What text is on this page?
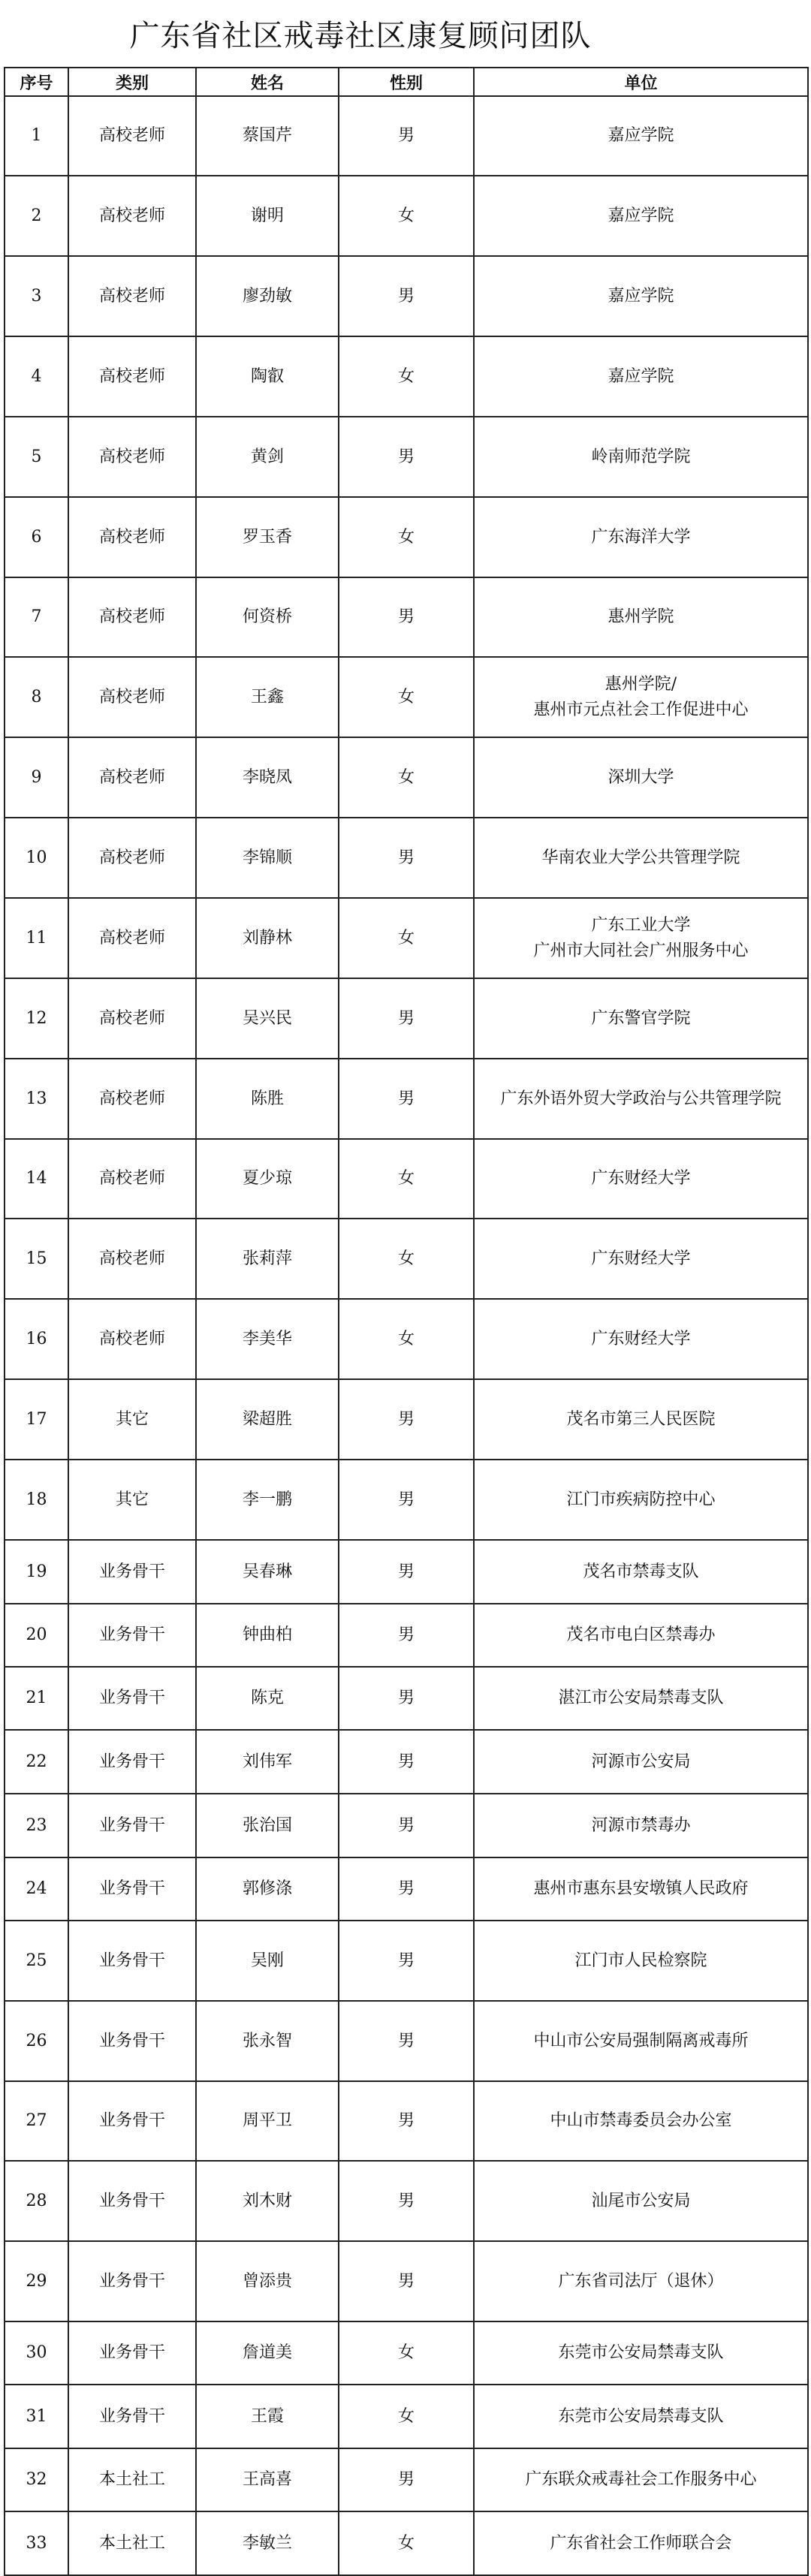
广东省社区戒毒社区康复顾问团队
序号	类别	姓名	性别	单位
1	高校老师	蔡国芹	男	嘉应学院

2	高校老师	谢明	女	嘉应学院

3	高校老师	廖劲敏	男	嘉应学院

4	高校老师	陶叡	女	嘉应学院

5	高校老师	黄剑	男	岭南师范学院

6	高校老师	罗玉香	女	广东海洋大学

7	高校老师	何资桥	男	惠州学院

8	高校老师	王鑫	女	惠州学院/
惠州市元点社会工作促进中心

9	高校老师	李晓凤	女	深圳大学

10	高校老师	李锦顺	男	华南农业大学公共管理学院

11	高校老师	刘静林	女	广东工业大学
广州市大同社会广州服务中心

12	高校老师	吴兴民	男	广东警官学院

13	高校老师	陈胜	男	广东外语外贸大学政治与公共管理学院

14	高校老师	夏少琼	女	广东财经大学

15	高校老师	张莉萍	女	广东财经大学

16	高校老师	李美华	女	广东财经大学

17	其它	梁超胜	男	茂名市第三人民医院

18	其它	李一鹏	男	江门市疾病防控中心

19	业务骨干	吴春琳	男	茂名市禁毒支队

20	业务骨干	钟曲柏	男	茂名市电白区禁毒办

21	业务骨干	陈克	男	湛江市公安局禁毒支队

22	业务骨干	刘伟军	男	河源市公安局

23	业务骨干	张治国	男	河源市禁毒办

24	业务骨干	郭修涤	男	惠州市惠东县安墩镇人民政府

25	业务骨干	吴刚	男	江门市人民检察院

26	业务骨干	张永智	男	中山市公安局强制隔离戒毒所

27	业务骨干	周平卫	男	中山市禁毒委员会办公室

28	业务骨干	刘木财	男	汕尾市公安局

29	业务骨干	曾添贵	男	广东省司法厅（退休）

30	业务骨干	詹道美	女	东莞市公安局禁毒支队

31	业务骨干	王霞	女	东莞市公安局禁毒支队

32	本土社工	王高喜	男	广东联众戒毒社会工作服务中心

33	本土社工	李敏兰	女	广东省社会工作师联合会
